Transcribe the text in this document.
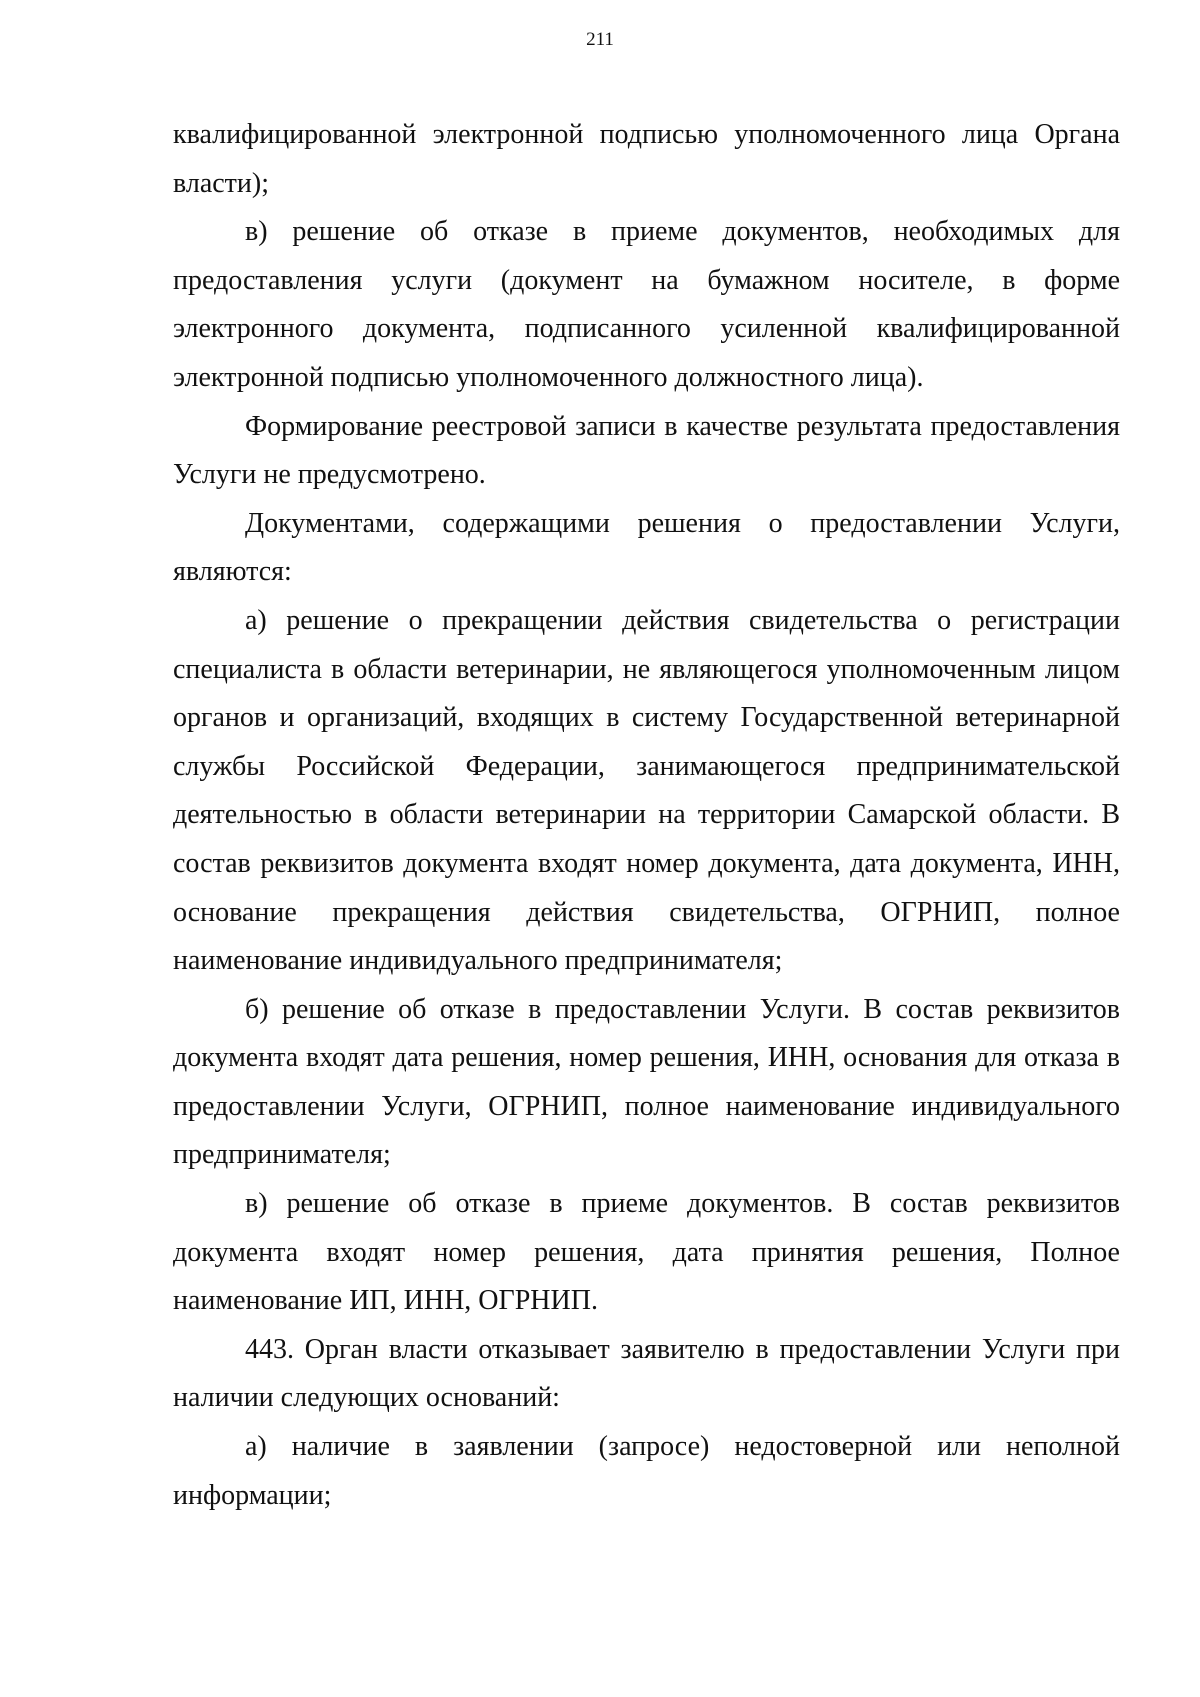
211

квалифицированной электронной подписью уполномоченного лица Органа власти);

в) решение об отказе в приеме документов, необходимых для предоставления услуги (документ на бумажном носителе, в форме электронного документа, подписанного усиленной квалифицированной электронной подписью уполномоченного должностного лица).

Формирование реестровой записи в качестве результата предоставления Услуги не предусмотрено.

Документами, содержащими решения о предоставлении Услуги, являются:

а) решение о прекращении действия свидетельства о регистрации специалиста в области ветеринарии, не являющегося уполномоченным лицом органов и организаций, входящих в систему Государственной ветеринарной службы Российской Федерации, занимающегося предпринимательской деятельностью в области ветеринарии на территории Самарской области. В состав реквизитов документа входят номер документа, дата документа, ИНН, основание прекращения действия свидетельства, ОГРНИП, полное наименование индивидуального предпринимателя;

б) решение об отказе в предоставлении Услуги. В состав реквизитов документа входят дата решения, номер решения, ИНН, основания для отказа в предоставлении Услуги, ОГРНИП, полное наименование индивидуального предпринимателя;

в) решение об отказе в приеме документов. В состав реквизитов документа входят номер решения, дата принятия решения, Полное наименование ИП, ИНН, ОГРНИП.

443. Орган власти отказывает заявителю в предоставлении Услуги при наличии следующих оснований:

а) наличие в заявлении (запросе) недостоверной или неполной информации;
